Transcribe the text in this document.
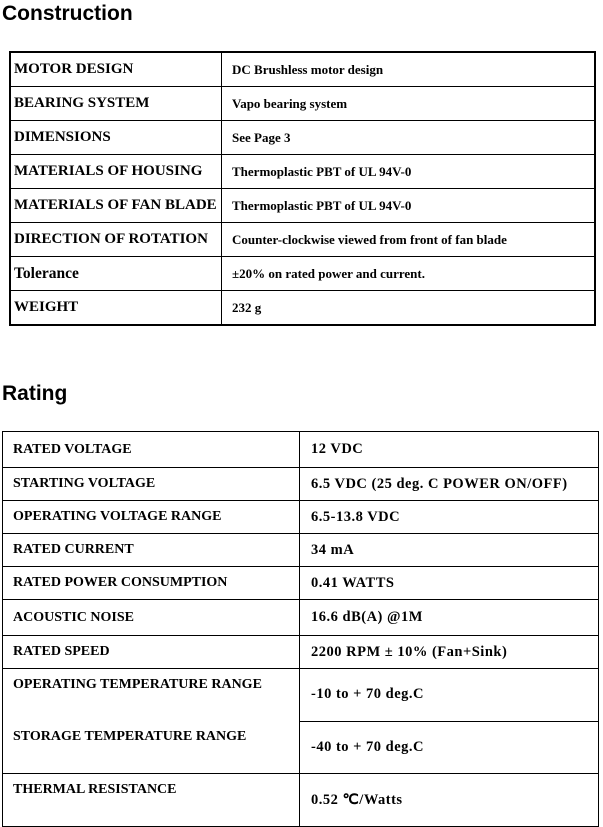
Construction
MOTOR DESIGN	DC Brushless motor design
BEARING SYSTEM	Vapo bearing system
DIMENSIONS	See Page 3
MATERIALS OF HOUSING	Thermoplastic PBT of UL 94V-0
MATERIALS OF FAN BLADE	Thermoplastic PBT of UL 94V-0
DIRECTION OF ROTATION	Counter-clockwise viewed from front of fan blade
Tolerance	±20% on rated power and current.
WEIGHT	232 g
Rating
RATED VOLTAGE	12 VDC
STARTING VOLTAGE	6.5 VDC (25 deg. C POWER ON/OFF)
OPERATING VOLTAGE RANGE	6.5-13.8 VDC
RATED CURRENT	34 mA
RATED POWER CONSUMPTION	0.41 WATTS
ACOUSTIC NOISE	16.6 dB(A) @1M
RATED SPEED	2200 RPM ± 10% (Fan+Sink)
OPERATING TEMPERATURE RANGE	-10 to + 70 deg.C
STORAGE TEMPERATURE RANGE	-40 to + 70 deg.C
THERMAL RESISTANCE	0.52 ℃/Watts
